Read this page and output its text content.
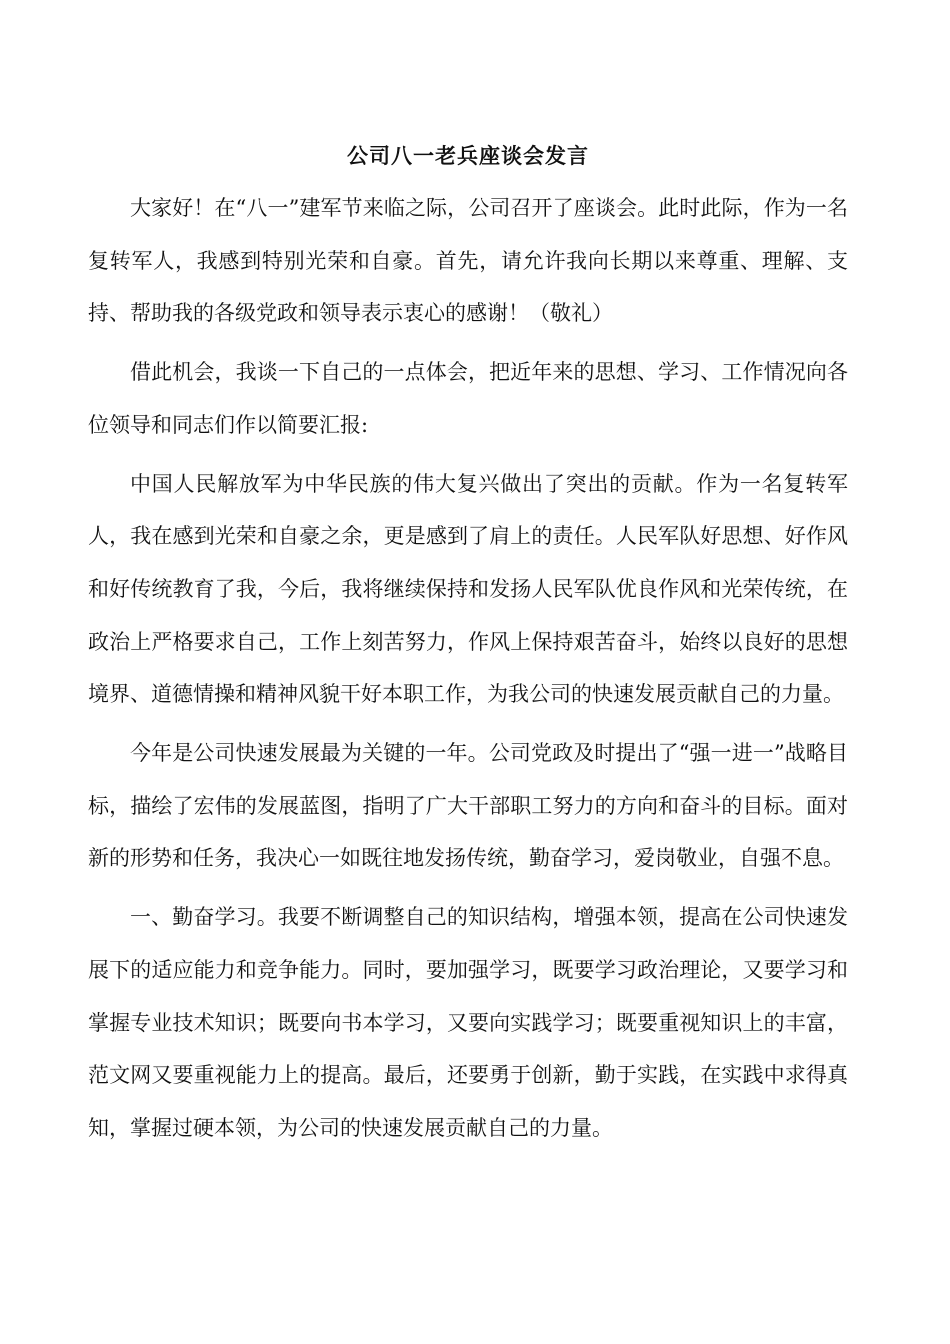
公司八一老兵座谈会发言

大家好！在“八一”建军节来临之际，公司召开了座谈会。此时此际，作为一名复转军人，我感到特别光荣和自豪。首先，请允许我向长期以来尊重、理解、支持、帮助我的各级党政和领导表示衷心的感谢！（敬礼）

借此机会，我谈一下自己的一点体会，把近年来的思想、学习、工作情况向各位领导和同志们作以简要汇报:

中国人民解放军为中华民族的伟大复兴做出了突出的贡献。作为一名复转军人，我在感到光荣和自豪之余，更是感到了肩上的责任。人民军队好思想、好作风和好传统教育了我，今后，我将继续保持和发扬人民军队优良作风和光荣传统，在政治上严格要求自己，工作上刻苦努力，作风上保持艰苦奋斗，始终以良好的思想境界、道德情操和精神风貌干好本职工作，为我公司的快速发展贡献自己的力量。

今年是公司快速发展最为关键的一年。公司党政及时提出了“强一进一”战略目标，描绘了宏伟的发展蓝图，指明了广大干部职工努力的方向和奋斗的目标。面对新的形势和任务，我决心一如既往地发扬传统，勤奋学习，爱岗敬业，自强不息。

一、勤奋学习。我要不断调整自己的知识结构，增强本领，提高在公司快速发展下的适应能力和竞争能力。同时，要加强学习，既要学习政治理论，又要学习和掌握专业技术知识；既要向书本学习，又要向实践学习；既要重视知识上的丰富，范文网又要重视能力上的提高。最后，还要勇于创新，勤于实践，在实践中求得真知，掌握过硬本领，为公司的快速发展贡献自己的力量。
